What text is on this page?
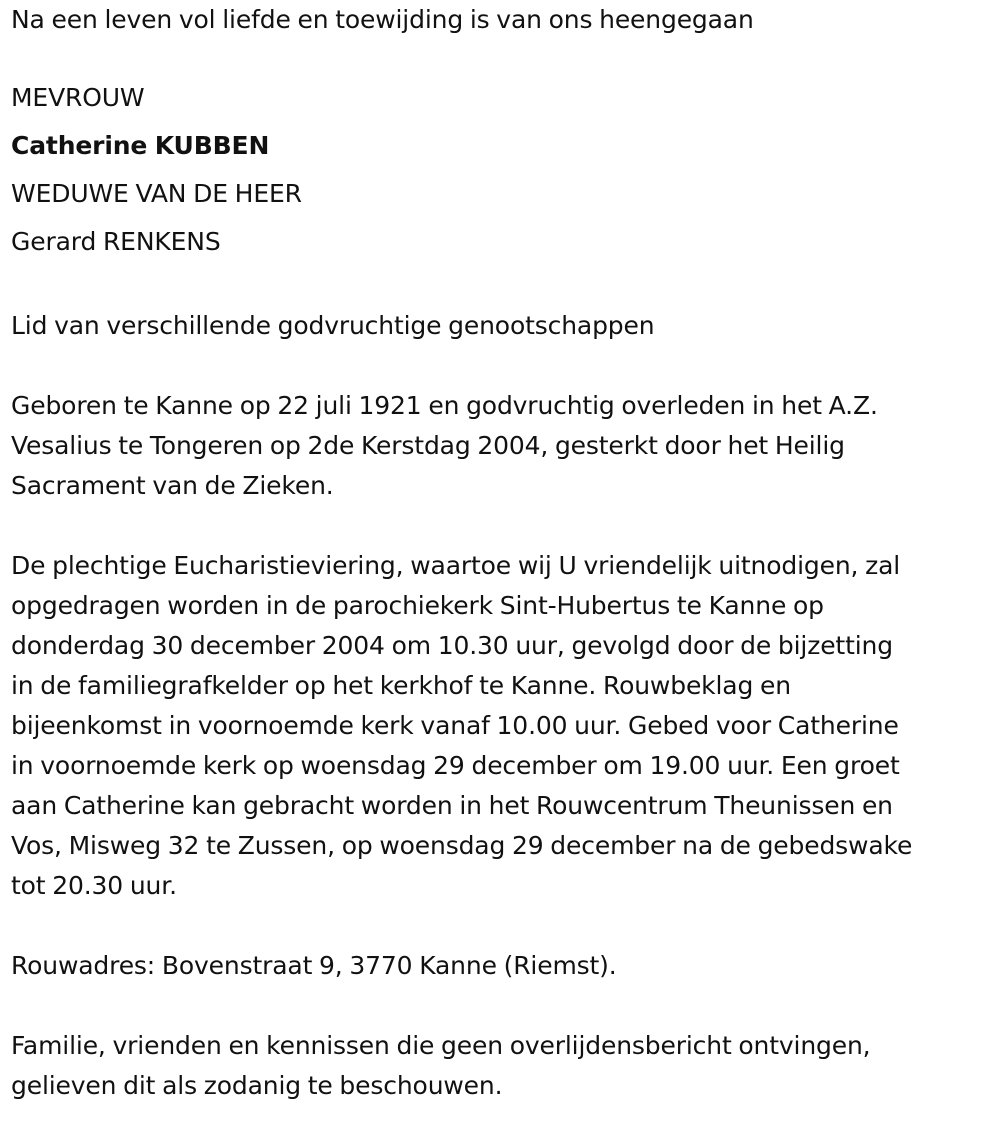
Na een leven vol liefde en toewijding is van ons heengegaan

MEVROUW

Catherine KUBBEN

WEDUWE VAN DE HEER

Gerard RENKENS

Lid van verschillende godvruchtige genootschappen

Geboren te Kanne op 22 juli 1921 en godvruchtig overleden in het A.Z.
Vesalius te Tongeren op 2de Kerstdag 2004, gesterkt door het Heilig
Sacrament van de Zieken.

De plechtige Eucharistieviering, waartoe wij U vriendelijk uitnodigen, zal
opgedragen worden in de parochiekerk Sint-Hubertus te Kanne op
donderdag 30 december 2004 om 10.30 uur, gevolgd door de bijzetting
in de familiegrafkelder op het kerkhof te Kanne. Rouwbeklag en
bijeenkomst in voornoemde kerk vanaf 10.00 uur. Gebed voor Catherine
in voornoemde kerk op woensdag 29 december om 19.00 uur. Een groet
aan Catherine kan gebracht worden in het Rouwcentrum Theunissen en
Vos, Misweg 32 te Zussen, op woensdag 29 december na de gebedswake
tot 20.30 uur.

Rouwadres: Bovenstraat 9, 3770 Kanne (Riemst).

Familie, vrienden en kennissen die geen overlijdensbericht ontvingen,
gelieven dit als zodanig te beschouwen.
